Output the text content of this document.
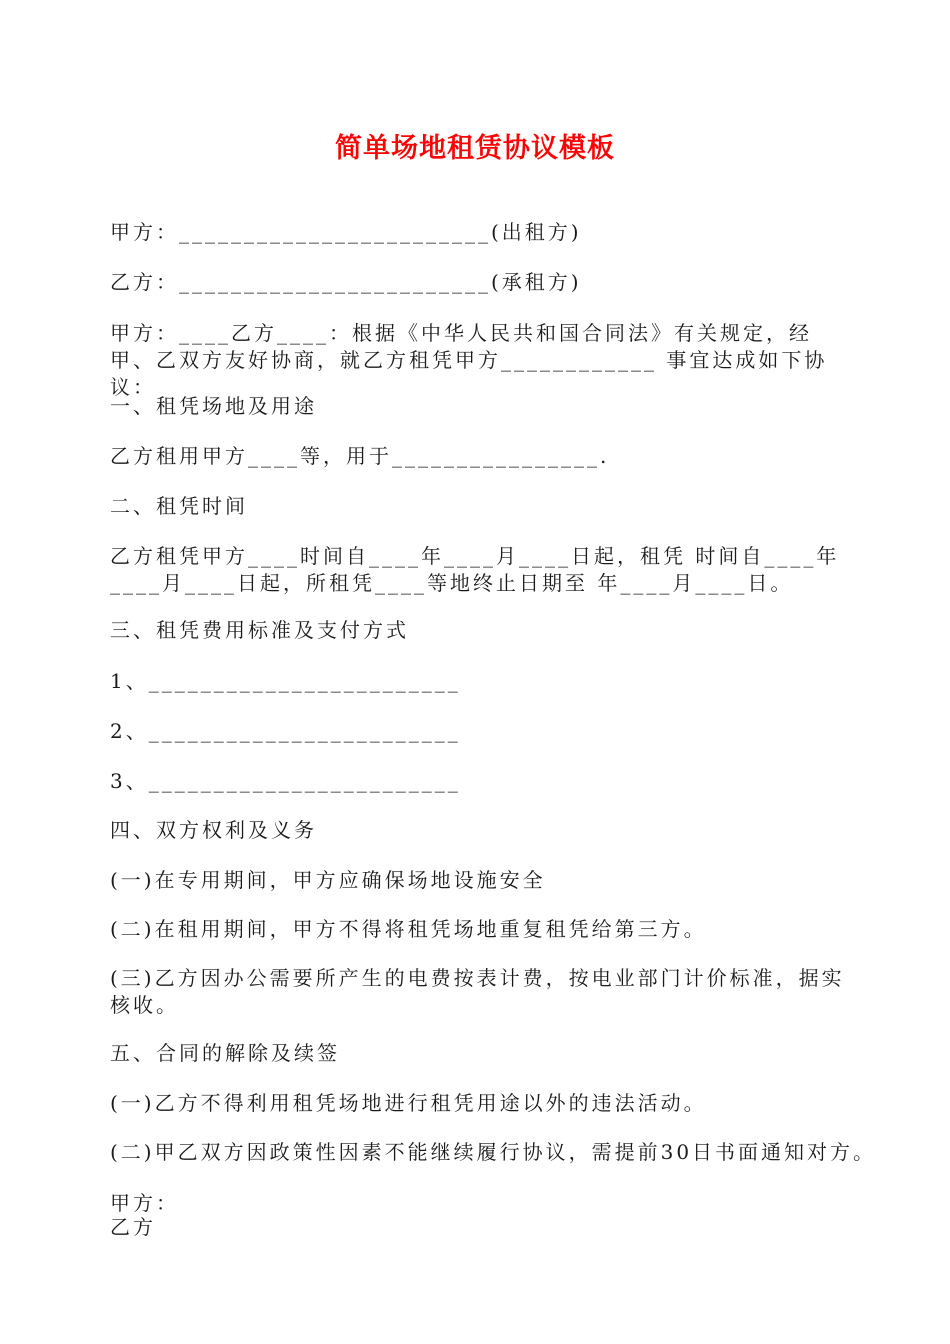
简单场地租赁协议模板
甲方：________________________(出租方)
乙方：________________________(承租方)
甲方：____乙方____：根据《中华人民共和国合同法》有关规定，经甲、乙双方友好协商，就乙方租凭甲方____________ 事宜达成如下协议：
一、租凭场地及用途
乙方租用甲方____等，用于________________.
二、租凭时间
乙方租凭甲方____时间自____年____月____日起，租凭 时间自____年____月____日起，所租凭____等地终止日期至 年____月____日。
三、租凭费用标准及支付方式
1、________________________
2、________________________
3、________________________
四、双方权利及义务
(一)在专用期间，甲方应确保场地设施安全
(二)在租用期间，甲方不得将租凭场地重复租凭给第三方。
(三)乙方因办公需要所产生的电费按表计费，按电业部门计价标准，据实核收。
五、合同的解除及续签
(一)乙方不得利用租凭场地进行租凭用途以外的违法活动。
(二)甲乙双方因政策性因素不能继续履行协议，需提前30日书面通知对方。
甲方：
乙方
